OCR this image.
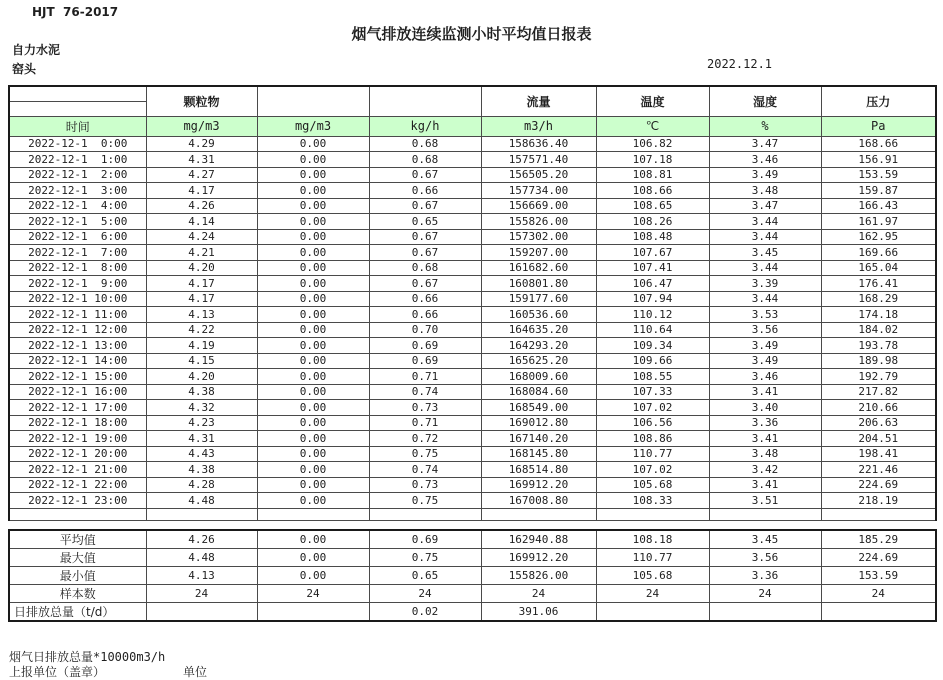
HJT  76-2017
烟气排放连续监测小时平均值日报表
自力水泥
窑头	2022.12.1
	颗粒物			流量	温度	湿度	压力
时间	mg/m3	mg/m3	kg/h	m3/h	℃	%	Pa
2022-12-1  0:00	4.29	0.00	0.68	158636.40	106.82	3.47	168.66
2022-12-1  1:00	4.31	0.00	0.68	157571.40	107.18	3.46	156.91
2022-12-1  2:00	4.27	0.00	0.67	156505.20	108.81	3.49	153.59
2022-12-1  3:00	4.17	0.00	0.66	157734.00	108.66	3.48	159.87
2022-12-1  4:00	4.26	0.00	0.67	156669.00	108.65	3.47	166.43
2022-12-1  5:00	4.14	0.00	0.65	155826.00	108.26	3.44	161.97
2022-12-1  6:00	4.24	0.00	0.67	157302.00	108.48	3.44	162.95
2022-12-1  7:00	4.21	0.00	0.67	159207.00	107.67	3.45	169.66
2022-12-1  8:00	4.20	0.00	0.68	161682.60	107.41	3.44	165.04
2022-12-1  9:00	4.17	0.00	0.67	160801.80	106.47	3.39	176.41
2022-12-1 10:00	4.17	0.00	0.66	159177.60	107.94	3.44	168.29
2022-12-1 11:00	4.13	0.00	0.66	160536.60	110.12	3.53	174.18
2022-12-1 12:00	4.22	0.00	0.70	164635.20	110.64	3.56	184.02
2022-12-1 13:00	4.19	0.00	0.69	164293.20	109.34	3.49	193.78
2022-12-1 14:00	4.15	0.00	0.69	165625.20	109.66	3.49	189.98
2022-12-1 15:00	4.20	0.00	0.71	168009.60	108.55	3.46	192.79
2022-12-1 16:00	4.38	0.00	0.74	168084.60	107.33	3.41	217.82
2022-12-1 17:00	4.32	0.00	0.73	168549.00	107.02	3.40	210.66
2022-12-1 18:00	4.23	0.00	0.71	169012.80	106.56	3.36	206.63
2022-12-1 19:00	4.31	0.00	0.72	167140.20	108.86	3.41	204.51
2022-12-1 20:00	4.43	0.00	0.75	168145.80	110.77	3.48	198.41
2022-12-1 21:00	4.38	0.00	0.74	168514.80	107.02	3.42	221.46
2022-12-1 22:00	4.28	0.00	0.73	169912.20	105.68	3.41	224.69
2022-12-1 23:00	4.48	0.00	0.75	167008.80	108.33	3.51	218.19

平均值	4.26	0.00	0.69	162940.88	108.18	3.45	185.29
最大值	4.48	0.00	0.75	169912.20	110.77	3.56	224.69
最小值	4.13	0.00	0.65	155826.00	105.68	3.36	153.59
样本数	24	24	24	24	24	24	24
日排放总量（t/d）			0.02	391.06			
烟气日排放总量*10000m3/h
上报单位（盖章）	单位
